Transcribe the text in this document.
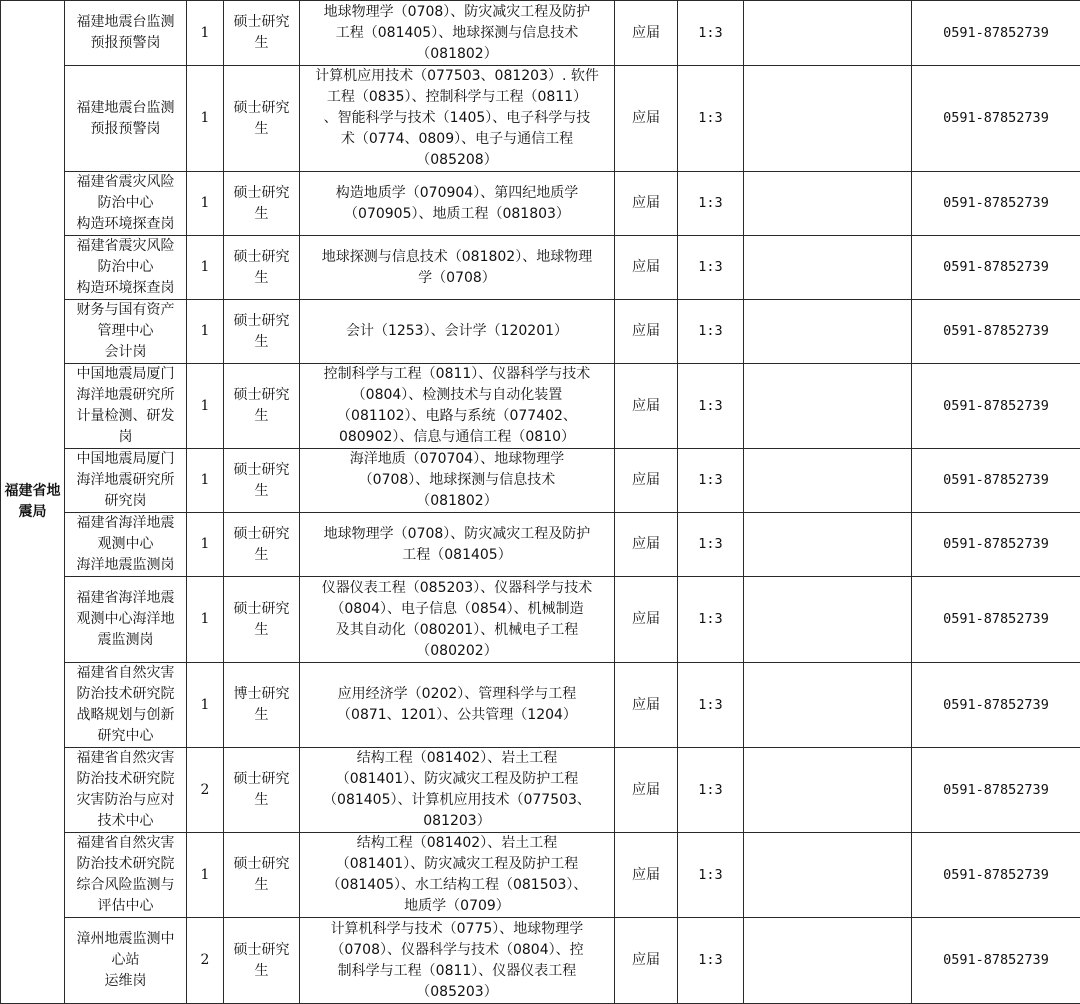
福建省地震局	福建地震台监测
预报预警岗	1	硕士研究
生	地球物理学（0708）、防灾减灾工程及防护
工程（081405）、地球探测与信息技术
（081802）	应届	1:3		0591-87852739
	福建地震台监测
预报预警岗	1	硕士研究
生	计算机应用技术（077503、081203）. 软件
工程（0835）、控制科学与工程（0811）
、智能科学与技术（1405）、电子科学与技
术（0774、0809）、电子与通信工程
（085208）	应届	1:3		0591-87852739
	福建省震灾风险
防治中心
构造环境探查岗	1	硕士研究
生	构造地质学（070904）、第四纪地质学
（070905）、地质工程（081803）	应届	1:3		0591-87852739
	福建省震灾风险
防治中心
构造环境探查岗	1	硕士研究
生	地球探测与信息技术（081802）、地球物理
学（0708）	应届	1:3		0591-87852739
	财务与国有资产
管理中心
会计岗	1	硕士研究
生	会计（1253）、会计学（120201）	应届	1:3		0591-87852739
	中国地震局厦门
海洋地震研究所
计量检测、研发
岗	1	硕士研究
生	控制科学与工程（0811）、仪器科学与技术
（0804）、检测技术与自动化装置
（081102）、电路与系统（077402、
080902）、信息与通信工程（0810）	应届	1:3		0591-87852739
	中国地震局厦门
海洋地震研究所
研究岗	1	硕士研究
生	海洋地质（070704）、地球物理学
（0708）、地球探测与信息技术
（081802）	应届	1:3		0591-87852739
	福建省海洋地震
观测中心
海洋地震监测岗	1	硕士研究
生	地球物理学（0708）、防灾减灾工程及防护
工程（081405）	应届	1:3		0591-87852739
	福建省海洋地震
观测中心海洋地
震监测岗	1	硕士研究
生	仪器仪表工程（085203）、仪器科学与技术
（0804）、电子信息（0854）、机械制造
及其自动化（080201）、机械电子工程
（080202）	应届	1:3		0591-87852739
	福建省自然灾害
防治技术研究院
战略规划与创新
研究中心	1	博士研究
生	应用经济学（0202）、管理科学与工程
（0871、1201）、公共管理（1204）	应届	1:3		0591-87852739
	福建省自然灾害
防治技术研究院
灾害防治与应对
技术中心	2	硕士研究
生	结构工程（081402）、岩土工程
（081401）、防灾减灾工程及防护工程
（081405）、计算机应用技术（077503、
081203）	应届	1:3		0591-87852739
	福建省自然灾害
防治技术研究院
综合风险监测与
评估中心	1	硕士研究
生	结构工程（081402）、岩土工程
（081401）、防灾减灾工程及防护工程
（081405）、水工结构工程（081503）、
地质学（0709）	应届	1:3		0591-87852739
	漳州地震监测中
心站
运维岗	2	硕士研究
生	计算机科学与技术（0775）、地球物理学
（0708）、仪器科学与技术（0804）、控
制科学与工程（0811）、仪器仪表工程
（085203）	应届	1:3		0591-87852739
